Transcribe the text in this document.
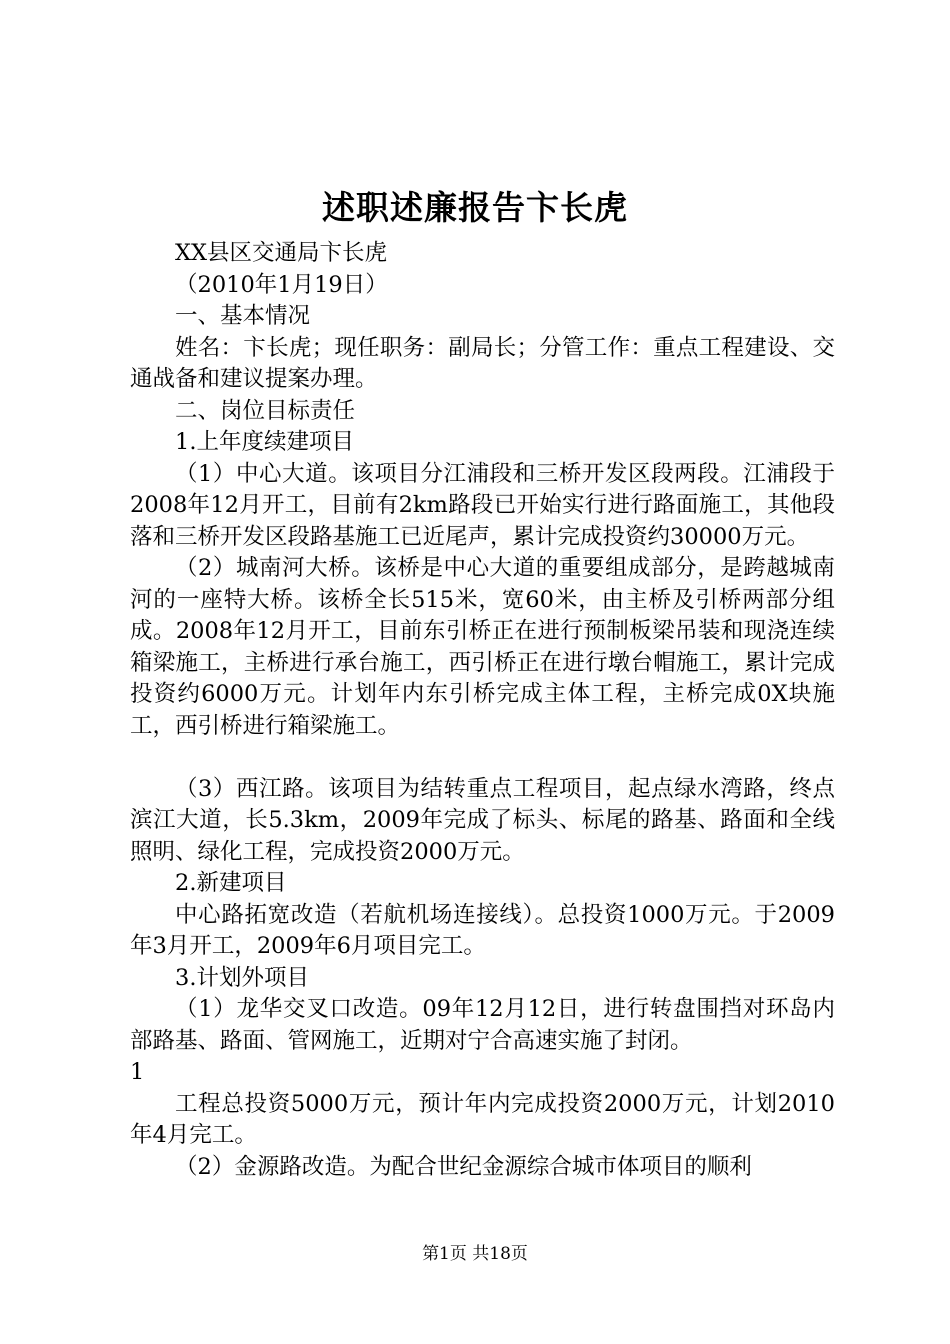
述职述廉报告卞长虎

XX县区交通局卞长虎

（2010年1月19日）

一、基本情况

姓名：卞长虎；现任职务：副局长；分管工作：重点工程建设、交通战备和建议提案办理。

二、岗位目标责任

1.上年度续建项目

（1）中心大道。该项目分江浦段和三桥开发区段两段。江浦段于2008年12月开工，目前有2km路段已开始实行进行路面施工，其他段落和三桥开发区段路基施工已近尾声，累计完成投资约30000万元。

（2）城南河大桥。该桥是中心大道的重要组成部分，是跨越城南河的一座特大桥。该桥全长515米，宽60米，由主桥及引桥两部分组成。2008年12月开工，目前东引桥正在进行预制板梁吊装和现浇连续箱梁施工，主桥进行承台施工，西引桥正在进行墩台帽施工，累计完成投资约6000万元。计划年内东引桥完成主体工程，主桥完成0X块施工，西引桥进行箱梁施工。

（3）西江路。该项目为结转重点工程项目，起点绿水湾路，终点滨江大道，长5.3km，2009年完成了标头、标尾的路基、路面和全线照明、绿化工程，完成投资2000万元。

2.新建项目

中心路拓宽改造（若航机场连接线）。总投资1000万元。于2009年3月开工，2009年6月项目完工。

3.计划外项目

（1）龙华交叉口改造。09年12月12日，进行转盘围挡对环岛内部路基、路面、管网施工，近期对宁合高速实施了封闭。

1

工程总投资5000万元，预计年内完成投资2000万元，计划2010年4月完工。

（2）金源路改造。为配合世纪金源综合城市体项目的顺利

第1页 共18页
